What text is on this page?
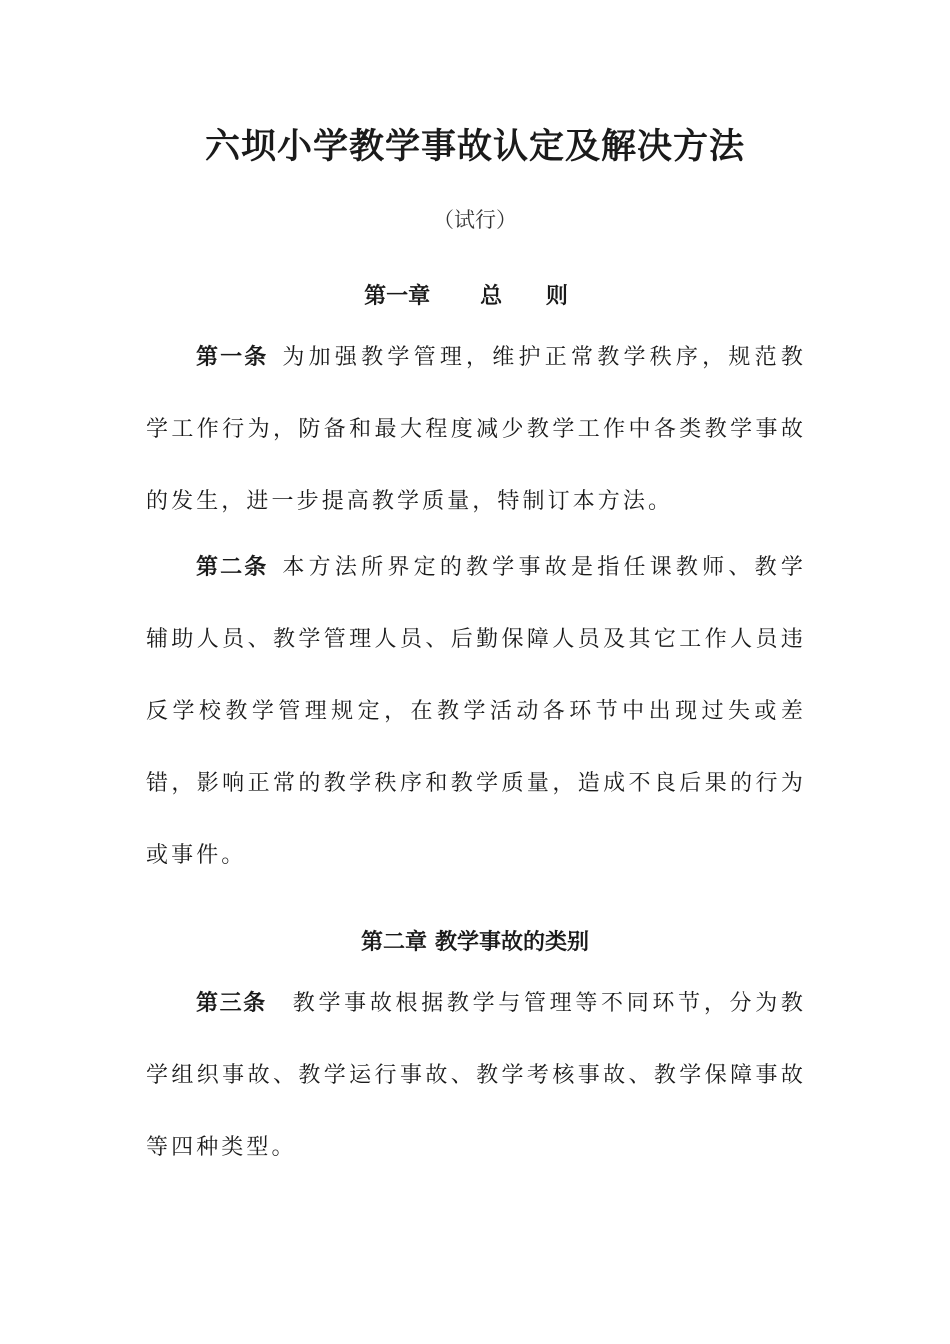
六坝小学教学事故认定及解决方法
（试行）
第一章 总 则
第一条 为加强教学管理，维护正常教学秩序，规范教学工作行为，防备和最大程度减少教学工作中各类教学事故的发生，进一步提高教学质量，特制订本方法。
第二条 本方法所界定的教学事故是指任课教师、教学辅助人员、教学管理人员、后勤保障人员及其它工作人员违反学校教学管理规定，在教学活动各环节中出现过失或差错，影响正常的教学秩序和教学质量，造成不良后果的行为或事件。
第二章 教学事故的类别
第三条 教学事故根据教学与管理等不同环节，分为教学组织事故、教学运行事故、教学考核事故、教学保障事故等四种类型。
